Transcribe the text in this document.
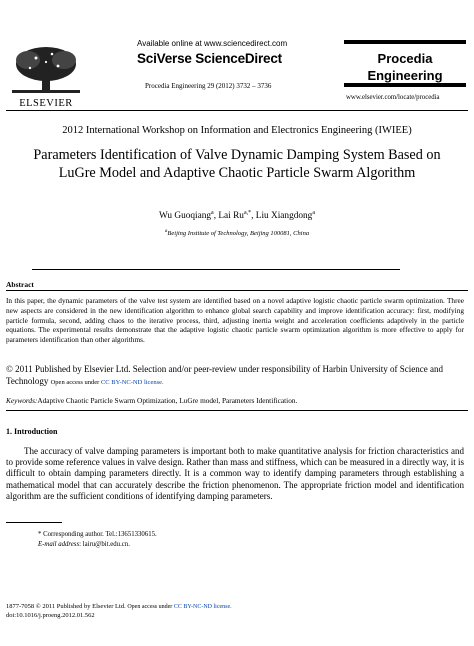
ELSEVIER
Available online at www.sciencedirect.com
SciVerse ScienceDirect
Procedia Engineering 29 (2012) 3732 – 3736
Procedia
Engineering
www.elsevier.com/locate/procedia
2012 International Workshop on Information and Electronics Engineering (IWIEE)
Parameters Identification of Valve Dynamic Damping System Based on LuGre Model and Adaptive Chaotic Particle Swarm Algorithm
Wu Guoqiang$^a$, Lai $Ru^{a,*}$, Liu Xiangdong$^a$
$^a$Beijing Institute of Technology, Beijing 100081, China
Abstract
In this paper, the dynamic parameters of the valve test system are identified based on a novel adaptive logistic chaotic particle swarm optimization. Three new aspects are considered in the new identification algorithm to enhance global search capability and improve identification accuracy: first, modifying particle formula, second, adding chaos to the iterative process, third, adjusting inertia weight and acceleration coefficients adaptively in the particle equations. The experimental results demonstrate that the adaptive logistic chaotic particle swarm optimization algorithm is more effective to apply for parameters identification than other algorithms.
© 2011 Published by Elsevier Ltd. Selection and/or peer-review under responsibility of Harbin University of Science and Technology Open access under CC BY-NC-ND license.
Keywords:Adaptive Chaotic Particle Swarm Optimization, LuGre model, Parameters Identification.
1. Introduction
The accuracy of valve damping parameters is important both to make quantitative analysis for friction characteristics and to provide some reference values in valve design. Rather than mass and stiffness, which can be measured in a directly way, it is difficult to obtain damping parameters directly. It is a common way to identify damping parameters through establishing a mathematical model that can accurately describe the friction phenomenon. The appropriate friction model and identification algorithm are the sufficient conditions of identifying damping parameters.
* Corresponding author. Tel.:13651330615.
E-mail address: lairu@bit.edu.cn.
1877-7058 © 2011 Published by Elsevier Ltd. Open access under CC BY-NC-ND license.
doi:10.1016/j.proeng.2012.01.562
